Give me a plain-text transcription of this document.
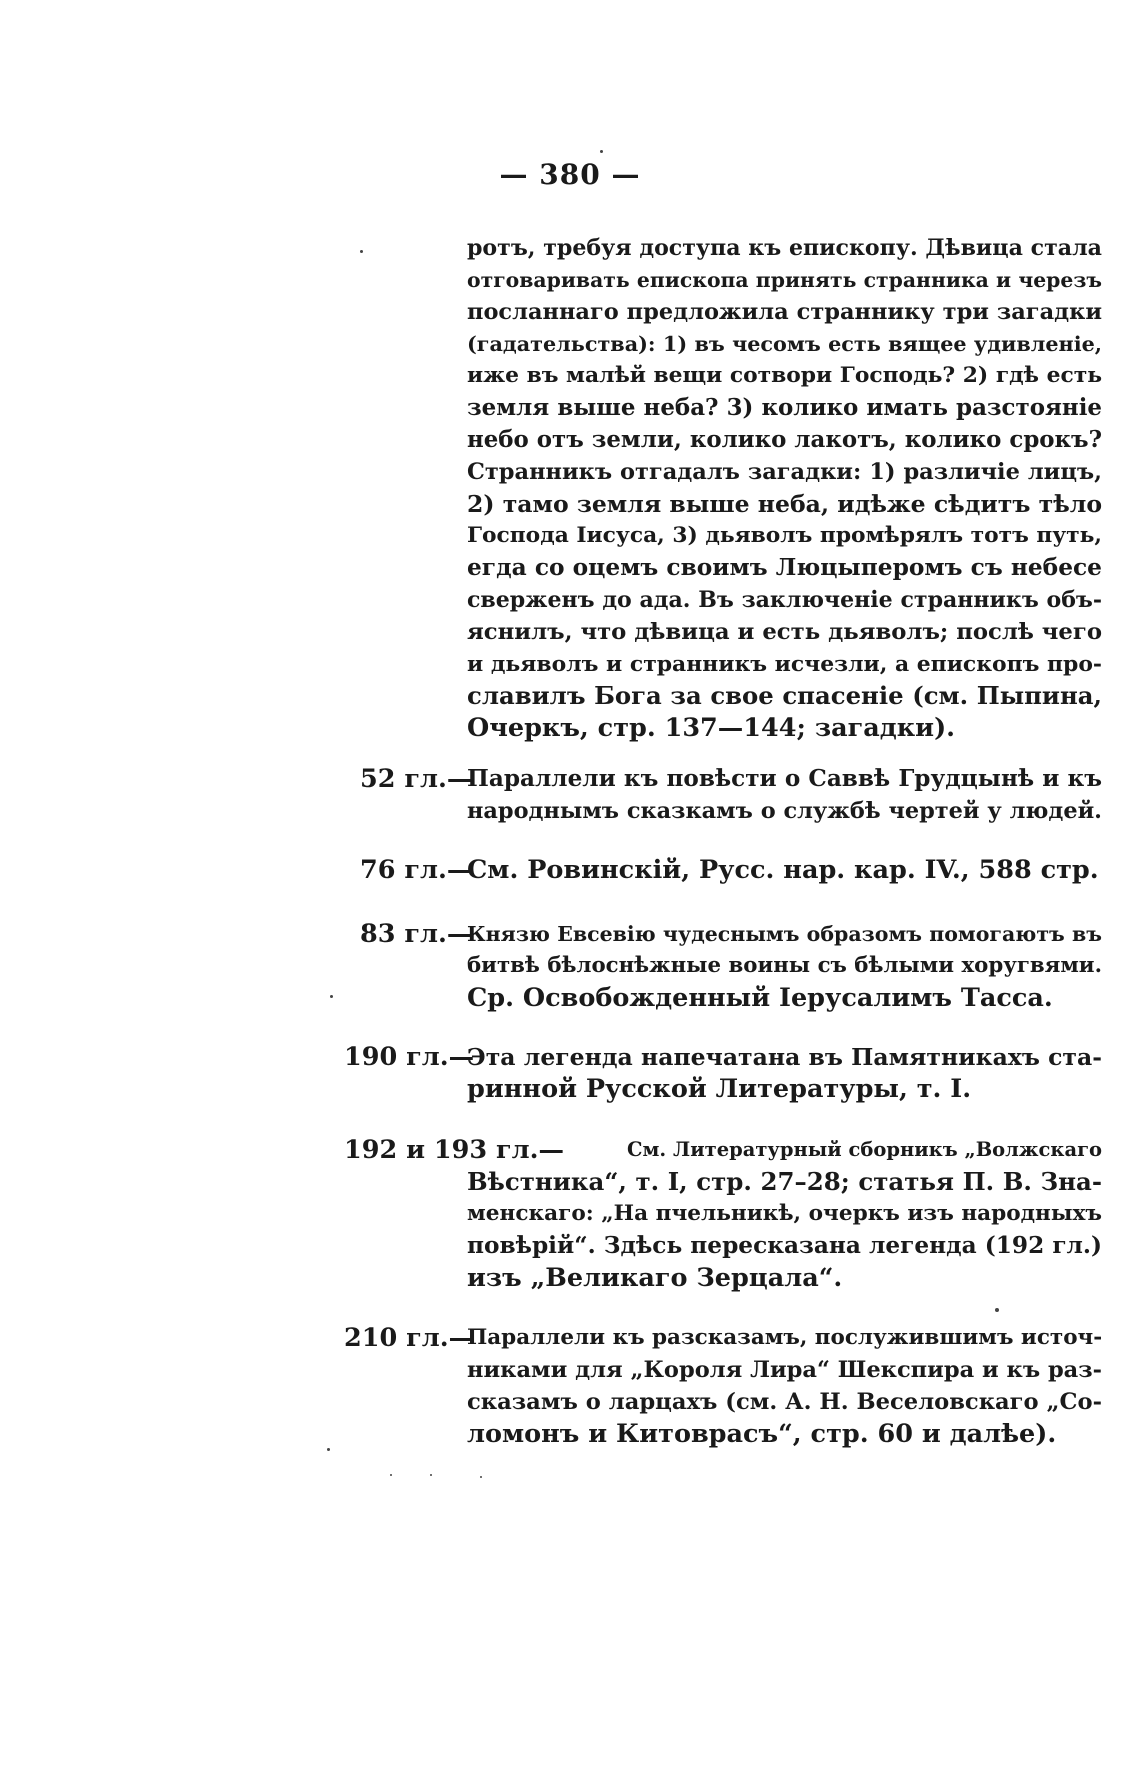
— 380 —
ротъ, требуя доступа къ епископу. Дѣвица стала
отговаривать епископа принять странника и черезъ
посланнаго предложила страннику три загадки
(гадательства): 1) въ чесомъ есть вящее удивленіе,
иже въ малѣй вещи сотвори Господь? 2) гдѣ есть
земля выше неба? 3) колико имать разстояніе
небо отъ земли, колико лакотъ, колико срокъ?
Странникъ отгадалъ загадки: 1) различіе лицъ,
2) тамо земля выше неба, идѣже сѣдитъ тѣло
Господа Іисуса, 3) дьяволъ промѣрялъ тотъ путь,
егда со оцемъ своимъ Люцыперомъ съ небесе
сверженъ до ада. Въ заключеніе странникъ объ-
яснилъ, что дѣвица и есть дьяволъ; послѣ чего
и дьяволъ и странникъ исчезли, а епископъ про-
славилъ Бога за свое спасеніе (см. Пыпина,
Очеркъ, стр. 137—144; загадки).
52 гл.—
Параллели къ повѣсти о Саввѣ Грудцынѣ и къ
народнымъ сказкамъ о службѣ чертей у людей.
76 гл.—
См. Ровинскій, Русс. нар. кар. IV., 588 стр.
83 гл.—
Князю Евсевію чудеснымъ образомъ помогаютъ въ
битвѣ бѣлоснѣжные воины съ бѣлыми хоругвями.
Ср. Освобожденный Іерусалимъ Тасса.
190 гл.—
Эта легенда напечатана въ Памятникахъ ста-
ринной Русской Литературы, т. I.
192 и 193 гл.—	См. Литературный сборникъ „Волжскаго
Вѣстника“, т. I, стр. 27–28; статья П. В. Зна-
менскаго: „На пчельникѣ, очеркъ изъ народныхъ
повѣрій“. Здѣсь пересказана легенда (192 гл.)
изъ „Великаго Зерцала“.
210 гл.—
Параллели къ разсказамъ, послужившимъ источ-
никами для „Короля Лира“ Шекспира и къ раз-
сказамъ о ларцахъ (см. А. Н. Веселовскаго „Со-
ломонъ и Китоврасъ“, стр. 60 и далѣе).
